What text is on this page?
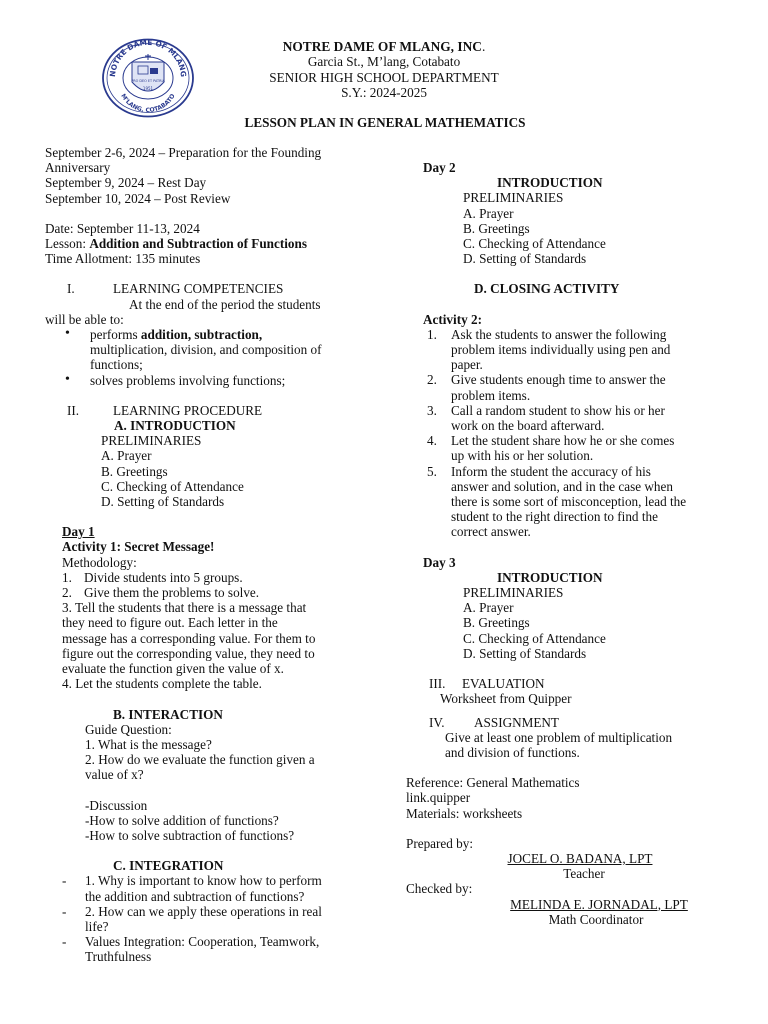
NOTRE DAME OF MLANG
M'LANG, COTABATO
PRO DEO ET PATRIA
1951
NOTRE DAME OF MLANG, INC.
Garcia St., M’lang, Cotabato
SENIOR HIGH SCHOOL DEPARTMENT
S.Y.: 2024-2025
LESSON PLAN IN GENERAL MATHEMATICS
September 2-6, 2024 – Preparation for the Founding
Anniversary
September 9, 2024 – Rest Day
September 10, 2024 – Post Review
Date: September 11-13, 2024
Lesson: Addition and Subtraction of Functions
Time Allotment: 135 minutes
I.	LEARNING COMPETENCIES
At the end of the period the students
will be able to:
• performs addition, subtraction,
multiplication, division, and composition of
functions;
• solves problems involving functions;
II.	LEARNING PROCEDURE
A. INTRODUCTION
PRELIMINARIES
A. Prayer
B. Greetings
C. Checking of Attendance
D. Setting of Standards
Day 1
Activity 1: Secret Message!
Methodology:
1. Divide students into 5 groups.
2. Give them the problems to solve.
3. Tell the students that there is a message that
they need to figure out. Each letter in the
message has a corresponding value. For them to
figure out the corresponding value, they need to
evaluate the function given the value of x.
4. Let the students complete the table.
B. INTERACTION
Guide Question:
1. What is the message?
2. How do we evaluate the function given a
value of x?
-Discussion
-How to solve addition of functions?
-How to solve subtraction of functions?
C. INTEGRATION
- 1. Why is important to know how to perform
the addition and subtraction of functions?
- 2. How can we apply these operations in real
life?
- Values Integration: Cooperation, Teamwork,
Truthfulness
Day 2
INTRODUCTION
PRELIMINARIES
A. Prayer
B. Greetings
C. Checking of Attendance
D. Setting of Standards
D. CLOSING ACTIVITY
Activity 2:
1. Ask the students to answer the following
problem items individually using pen and
paper.
2. Give students enough time to answer the
problem items.
3. Call a random student to show his or her
work on the board afterward.
4. Let the student share how he or she comes
up with his or her solution.
5. Inform the student the accuracy of his
answer and solution, and in the case when
there is some sort of misconception, lead the
student to the right direction to find the
correct answer.
Day 3
INTRODUCTION
PRELIMINARIES
A. Prayer
B. Greetings
C. Checking of Attendance
D. Setting of Standards
III. EVALUATION
Worksheet from Quipper
IV. ASSIGNMENT
Give at least one problem of multiplication
and division of functions.
Reference: General Mathematics
link.quipper
Materials: worksheets
Prepared by:
JOCEL O. BADANA, LPT
Teacher
Checked by:
MELINDA E. JORNADAL, LPT
Math Coordinator
